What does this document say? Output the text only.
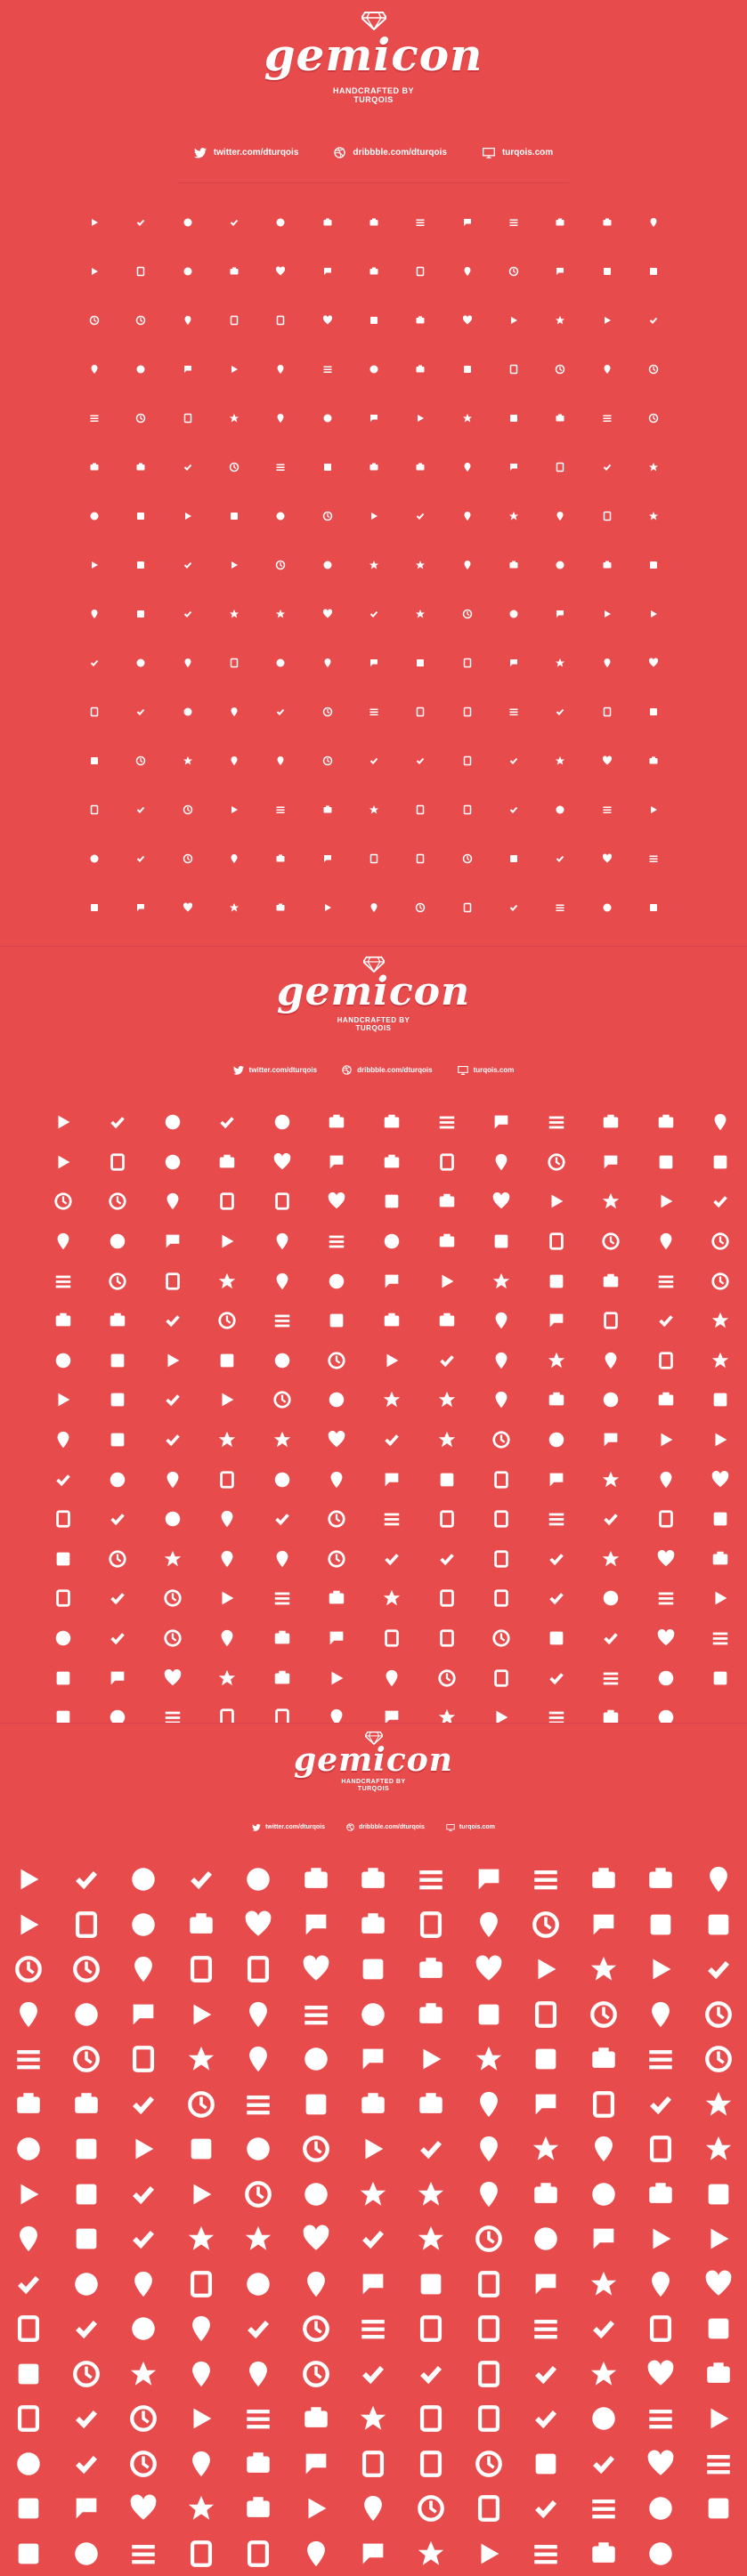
gemicon
HANDCRAFTED BY
TURQOIS
twitter.com/dturqois	dribbble.com/dturqois	turqois.com
gemicon
HANDCRAFTED BY
TURQOIS
twitter.com/dturqois	dribbble.com/dturqois	turqois.com
gemicon
HANDCRAFTED BY
TURQOIS
twitter.com/dturqois	dribbble.com/dturqois	turqois.com
